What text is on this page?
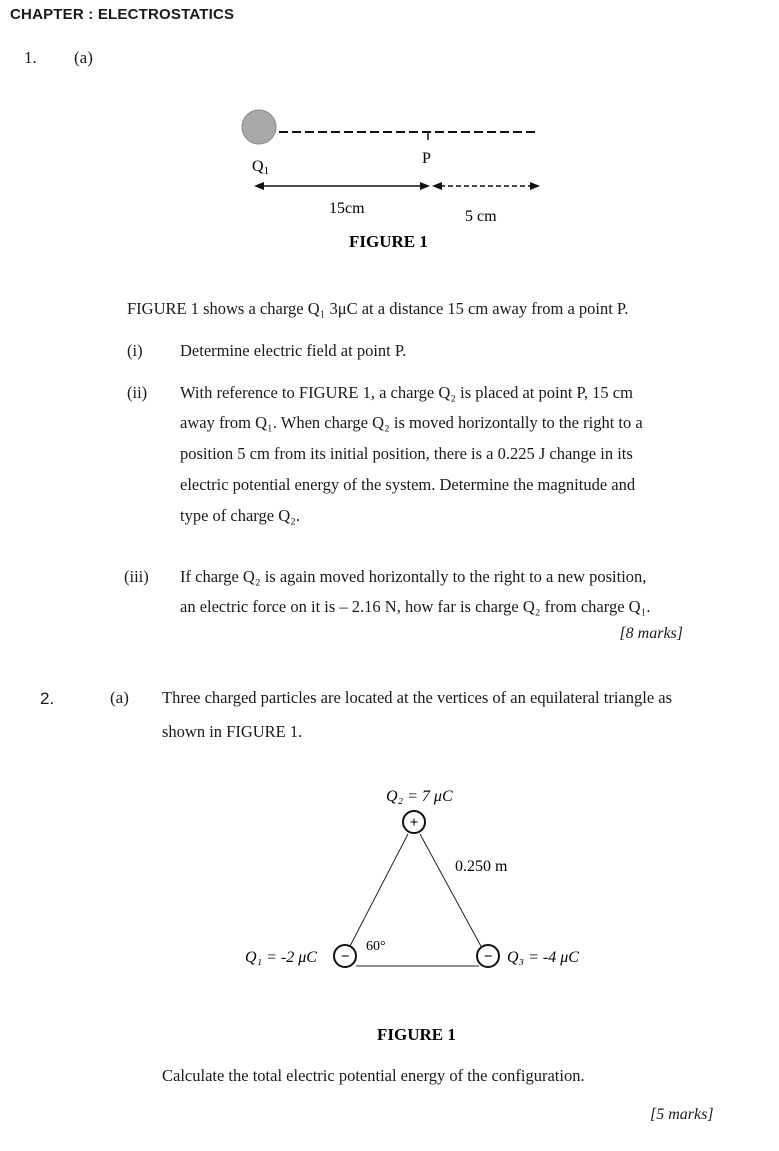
CHAPTER : ELECTROSTATICS
1. (a)
Q1
P
15cm	5 cm
FIGURE 1
FIGURE 1 shows a charge Q₁ 3μC at a distance 15 cm away from a point P.
(i) Determine electric field at point P.
(ii) With reference to FIGURE 1, a charge Q₂ is placed at point P, 15 cm
away from Q₁. When charge Q₂ is moved horizontally to the right to a
position 5 cm from its initial position, there is a 0.225 J change in its
electric potential energy of the system. Determine the magnitude and
type of charge Q₂.
(iii) If charge Q₂ is again moved horizontally to the right to a new position,
an electric force on it is – 2.16 N, how far is charge Q₂ from charge Q₁.
[8 marks]
2.	(a) Three charged particles are located at the vertices of an equilateral triangle as
shown in FIGURE 1.
Q₂ = 7 μC
+
−	−
0.250 m
Q₁ = -2 μC	Q₃ = -4 μC
60°
FIGURE 1
Calculate the total electric potential energy of the configuration.
[5 marks]
